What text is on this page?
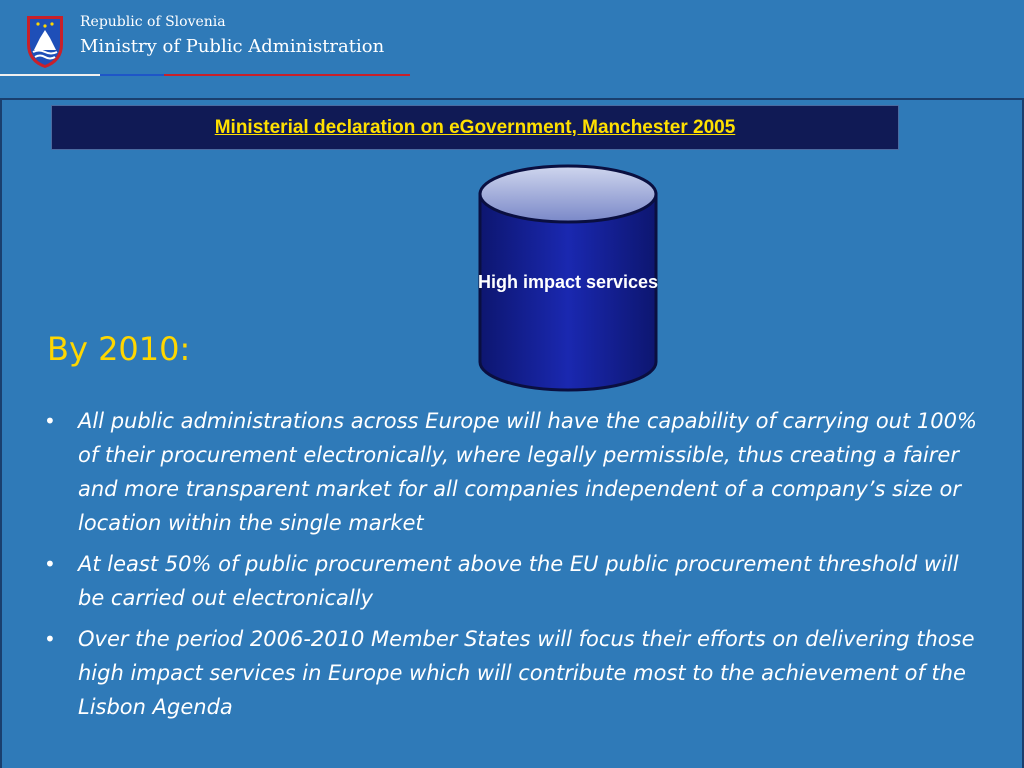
Republic of Slovenia
Ministry of Public Administration
Ministerial declaration on eGovernment, Manchester 2005
High impact services
By 2010:
• All public administrations across Europe will have the capability of carrying out 100% of their procurement electronically, where legally permissible, thus creating a fairer and more transparent market for all companies independent of a company’s size or location within the single market
• At least 50% of public procurement above the EU public procurement threshold will be carried out electronically
• Over the period 2006-2010 Member States will focus their efforts on delivering those high impact services in Europe which will contribute most to the achievement of the Lisbon Agenda
